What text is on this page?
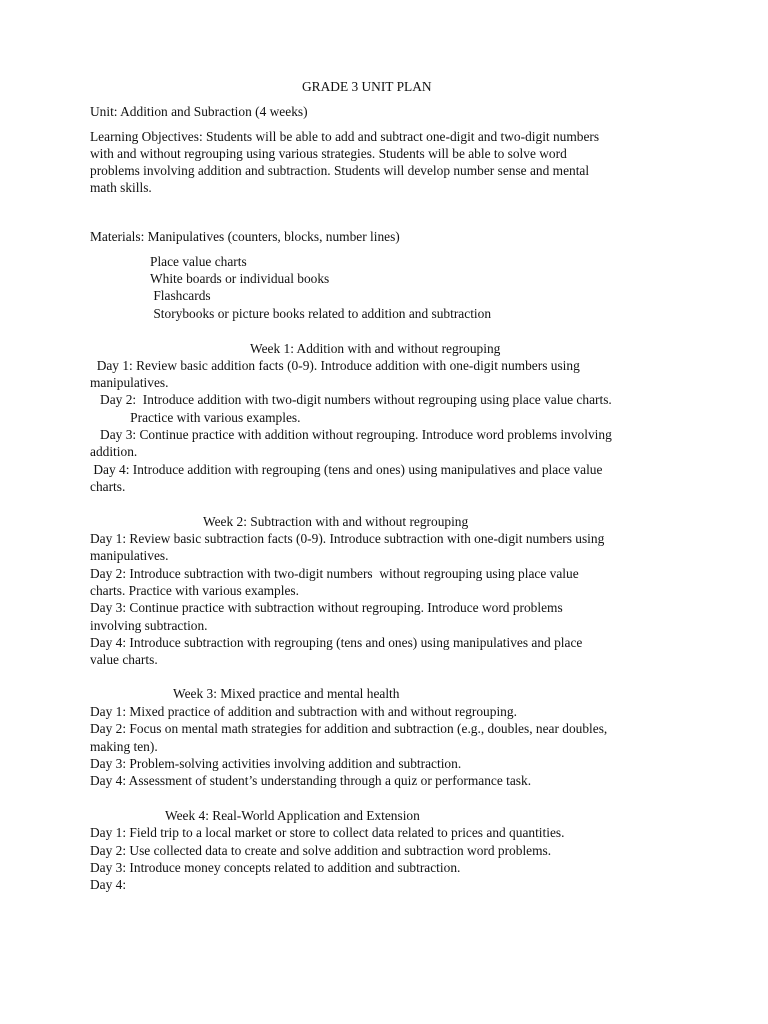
GRADE 3 UNIT PLAN
Unit: Addition and Subraction (4 weeks)
Learning Objectives: Students will be able to add and subtract one-digit and two-digit numbers
with and without regrouping using various strategies. Students will be able to solve word
problems involving addition and subtraction. Students will develop number sense and mental
math skills.
Materials: Manipulatives (counters, blocks, number lines)
Place value charts
White boards or individual books
Flashcards
Storybooks or picture books related to addition and subtraction
Week 1: Addition with and without regrouping
Day 1: Review basic addition facts (0-9). Introduce addition with one-digit numbers using
manipulatives.
Day 2:  Introduce addition with two-digit numbers without regrouping using place value charts.
Practice with various examples.
Day 3: Continue practice with addition without regrouping. Introduce word problems involving
addition.
Day 4: Introduce addition with regrouping (tens and ones) using manipulatives and place value
charts.
Week 2: Subtraction with and without regrouping
Day 1: Review basic subtraction facts (0-9). Introduce subtraction with one-digit numbers using
manipulatives.
Day 2: Introduce subtraction with two-digit numbers  without regrouping using place value
charts. Practice with various examples.
Day 3: Continue practice with subtraction without regrouping. Introduce word problems
involving subtraction.
Day 4: Introduce subtraction with regrouping (tens and ones) using manipulatives and place
value charts.
Week 3: Mixed practice and mental health
Day 1: Mixed practice of addition and subtraction with and without regrouping.
Day 2: Focus on mental math strategies for addition and subtraction (e.g., doubles, near doubles,
making ten).
Day 3: Problem-solving activities involving addition and subtraction.
Day 4: Assessment of student’s understanding through a quiz or performance task.
Week 4: Real-World Application and Extension
Day 1: Field trip to a local market or store to collect data related to prices and quantities.
Day 2: Use collected data to create and solve addition and subtraction word problems.
Day 3: Introduce money concepts related to addition and subtraction.
Day 4:
